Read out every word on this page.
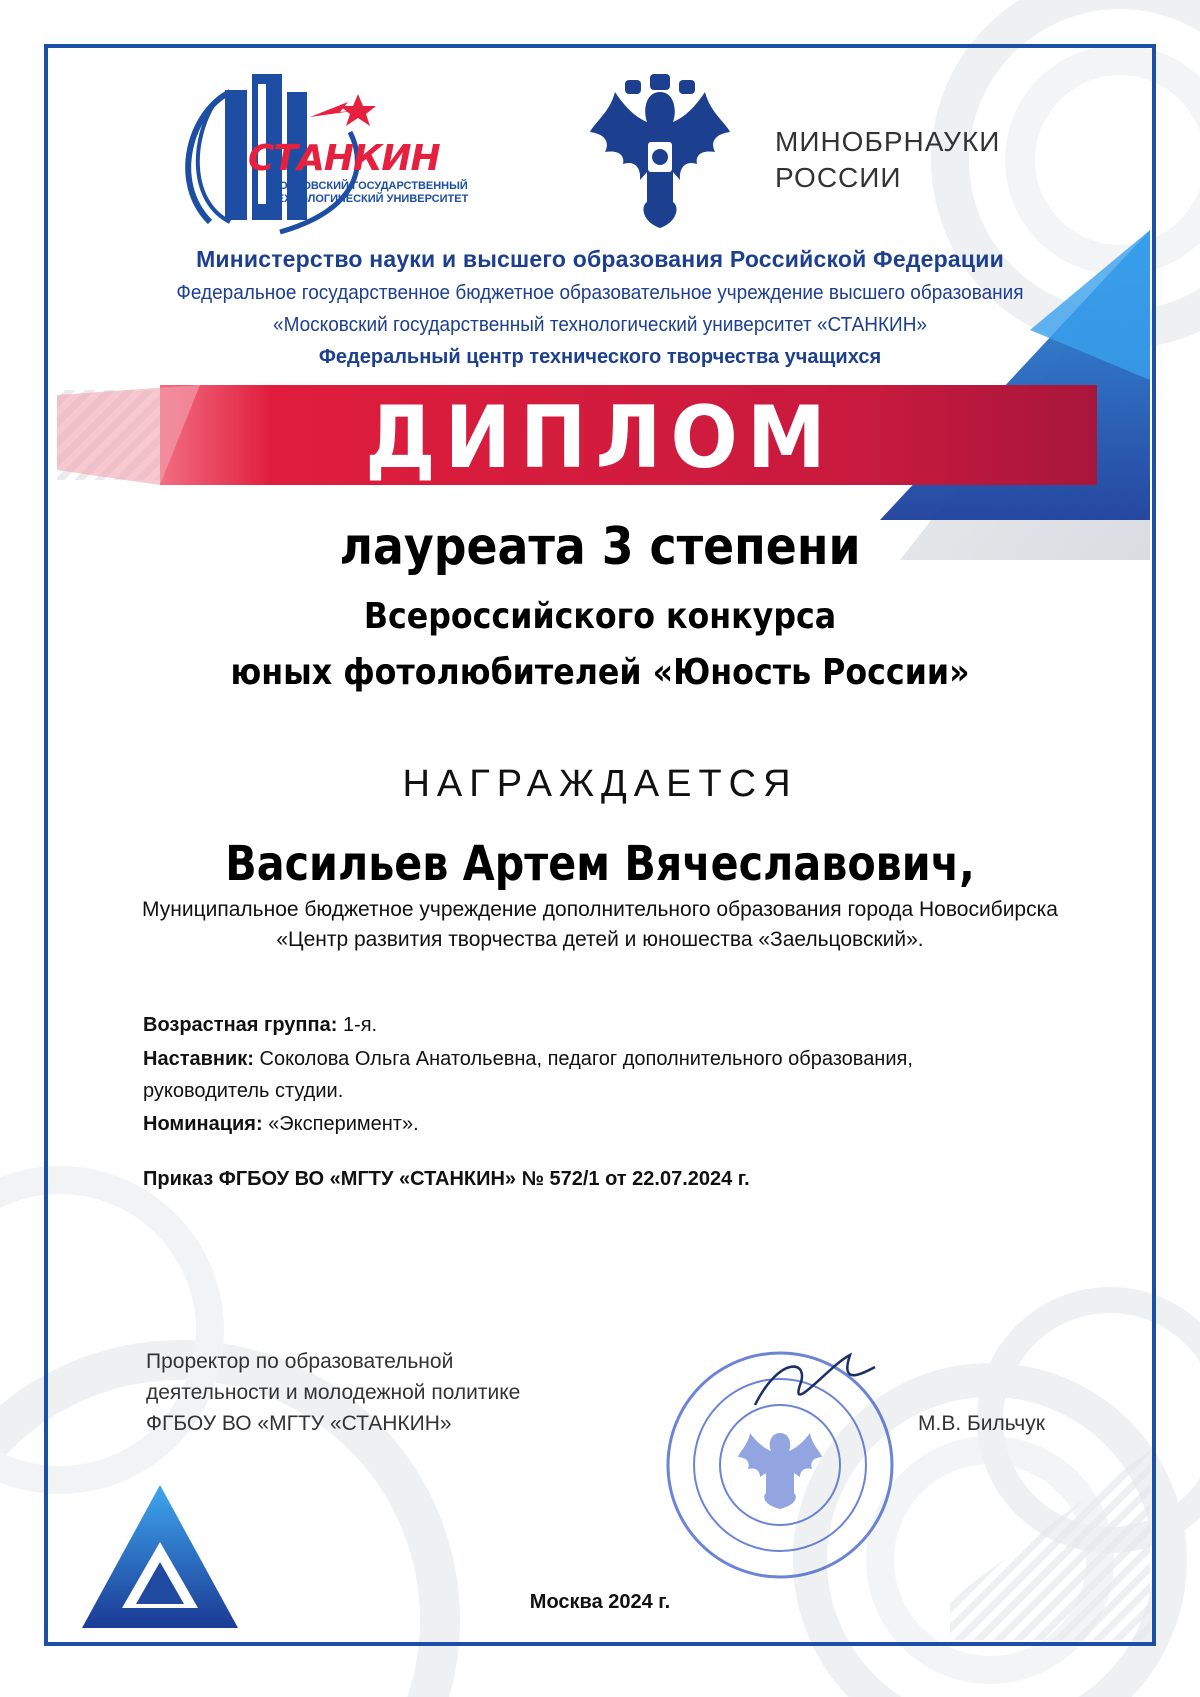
СТАНКИН
МОСКОВСКИЙ ГОСУДАРСТВЕННЫЙ
ТЕХНОЛОГИЧЕСКИЙ УНИВЕРСИТЕТ
МИНОБРНАУКИ
РОССИИ
Министерство науки и высшего образования Российской Федерации
Федеральное государственное бюджетное образовательное учреждение высшего образования
«Московский государственный технологический университет «СТАНКИН»
Федеральный центр технического творчества учащихся
ДИПЛОМ
лауреата 3 степени
Всероссийского конкурса
юных фотолюбителей «Юность России»
НАГРАЖДАЕТСЯ
Васильев Артем Вячеславович,
Муниципальное бюджетное учреждение дополнительного образования города Новосибирска
«Центр развития творчества детей и юношества «Заельцовский».
Возрастная группа: 1-я.
Наставник: Соколова Ольга Анатольевна, педагог дополнительного образования,
руководитель студии.
Номинация: «Эксперимент».
Приказ ФГБОУ ВО «МГТУ «СТАНКИН» № 572/1 от 22.07.2024 г.
Проректор по образовательной
деятельности и молодежной политике
ФГБОУ ВО «МГТУ «СТАНКИН»	М.В. Бильчук
Москва 2024 г.
